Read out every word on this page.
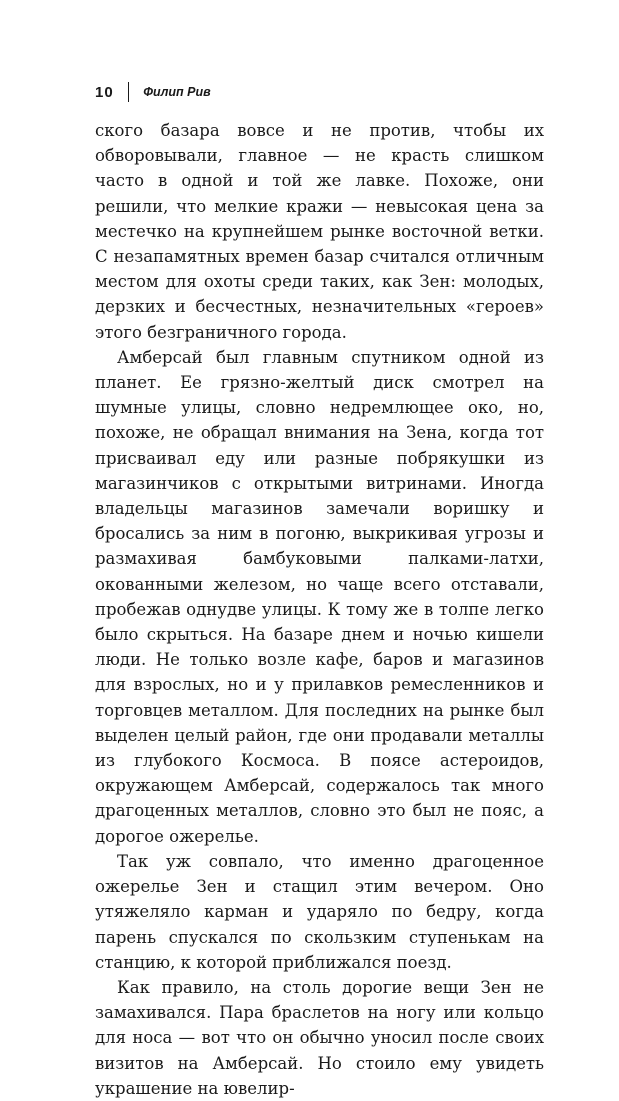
10 Филип Рив

ского базара вовсе и не против, чтобы их обворовывали, главное — не красть слишком часто в одной и той же лавке. Похоже, они решили, что мелкие кражи — невысокая цена за местечко на крупнейшем рынке восточной ветки. С незапамятных времен базар считался отличным местом для охоты среди таких, как Зен: молодых, дерзких и бесчестных, незначительных «героев» этого безграничного города.

Амберсай был главным спутником одной из планет. Ее грязно-желтый диск смотрел на шумные улицы, словно недремлющее око, но, похоже, не обращал внимания на Зена, когда тот присваивал еду или разные побрякушки из магазинчиков с открытыми витринами. Иногда владельцы магазинов замечали воришку и бросались за ним в погоню, выкрикивая угрозы и размахивая бамбуковыми палками-латхи, окованными железом, но чаще всего отставали, пробежав однудве улицы. К тому же в толпе легко было скрыться. На базаре днем и ночью кишели люди. Не только возле кафе, баров и магазинов для взрослых, но и у прилавков ремесленников и торговцев металлом. Для последних на рынке был выделен целый район, где они продавали металлы из глубокого Космоса. В поясе астероидов, окружающем Амберсай, содержалось так много драгоценных металлов, словно это был не пояс, а дорогое ожерелье.

Так уж совпало, что именно драгоценное ожерелье Зен и стащил этим вечером. Оно утяжеляло карман и ударяло по бедру, когда парень спускался по скользким ступенькам на станцию, к которой приближался поезд.

Как правило, на столь дорогие вещи Зен не замахивался. Пара браслетов на ногу или кольцо для носа — вот что он обычно уносил после своих визитов на Амберсай. Но стоило ему увидеть украшение на ювелир-
